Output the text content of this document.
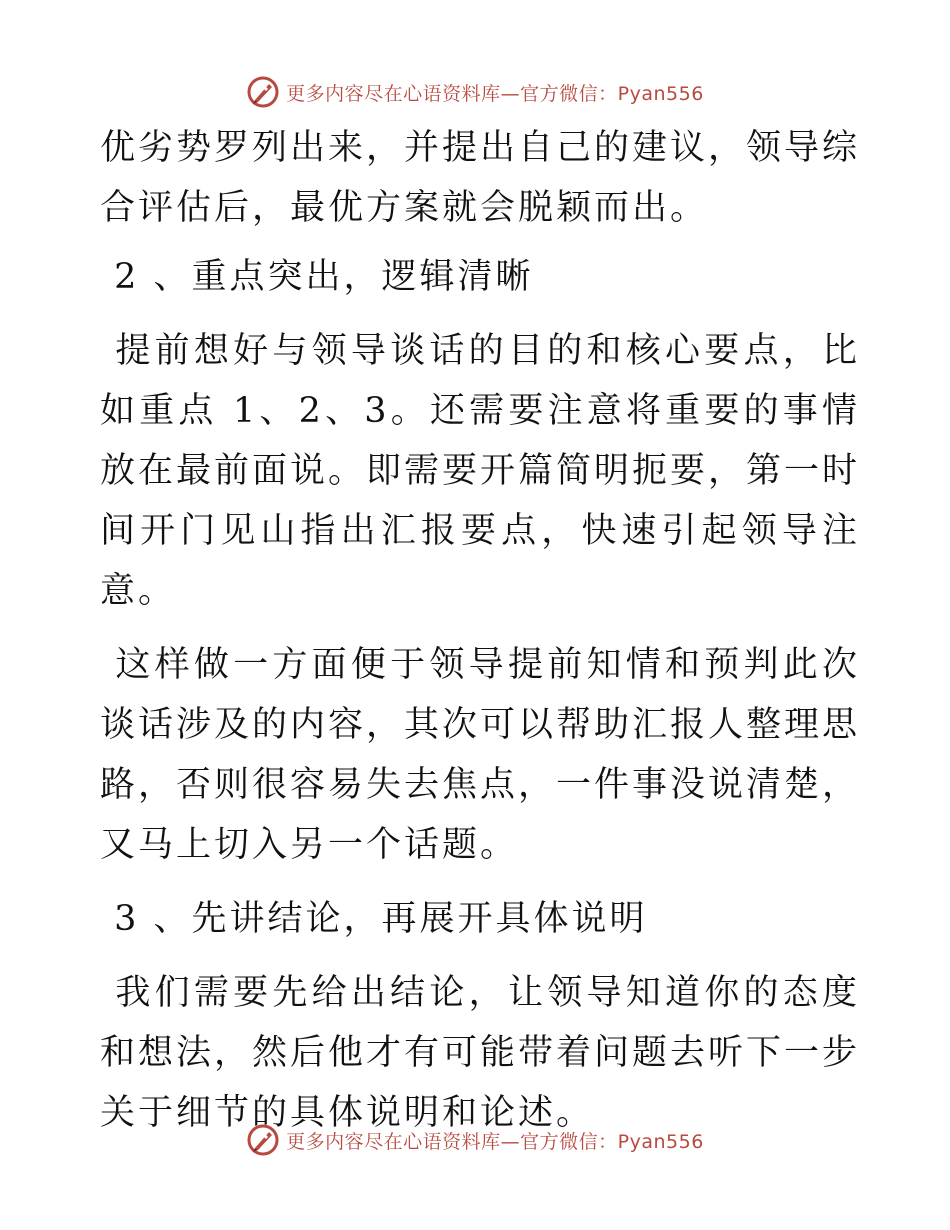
更多内容尽在心语资料库—官方微信：Pyan556

优劣势罗列出来，并提出自己的建议，领导综合评估后，最优方案就会脱颖而出。

2 、重点突出，逻辑清晰

提前想好与领导谈话的目的和核心要点，比如重点 1、2、3。还需要注意将重要的事情放在最前面说。即需要开篇简明扼要，第一时间开门见山指出汇报要点，快速引起领导注意。

这样做一方面便于领导提前知情和预判此次谈话涉及的内容，其次可以帮助汇报人整理思路，否则很容易失去焦点，一件事没说清楚，又马上切入另一个话题。

3 、先讲结论，再展开具体说明

我们需要先给出结论，让领导知道你的态度和想法，然后他才有可能带着问题去听下一步关于细节的具体说明和论述。

更多内容尽在心语资料库—官方微信：Pyan556
